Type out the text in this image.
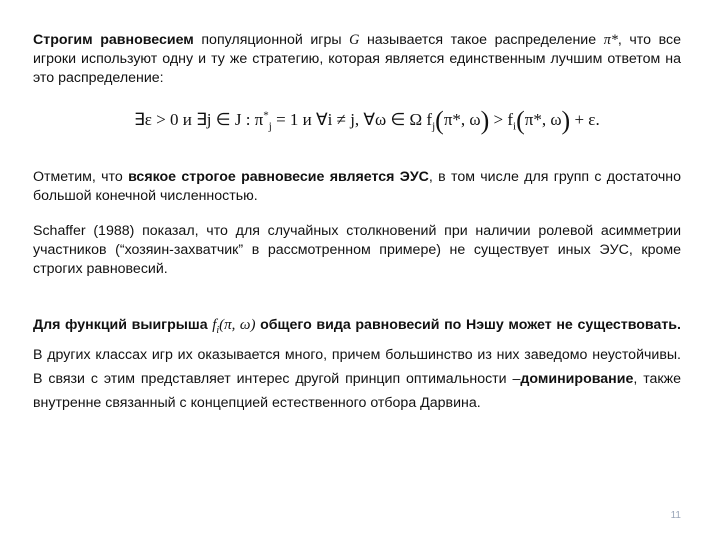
Строгим равновесием популяционной игры G называется такое распределение π*, что все игроки используют одну и ту же стратегию, которая является единственным лучшим ответом на это распределение:
∃ε > 0 и ∃j ∈ J : $\pi^*_j = 1$ и ∀i ≠ j, ∀ω ∈ Ω $f_j(\pi*$, $\omega) > f_i(\pi*$, ω) + ε.
Отметим, что всякое строгое равновесие является ЭУС, в том числе для групп с достаточно большой конечной численностью.
Schaffer (1988) показал, что для случайных столкновений при наличии ролевой асимметрии участников (“хозяин-захватчик” в рассмотренном примере) не существует иных ЭУС, кроме строгих равновесий.
Для функций выигрыша $f_i(\pi$, ω) общего вида равновесий по Нэшу может не существовать. В других классах игр их оказывается много, причем большинство из них заведомо неустойчивы. В связи с этим представляет интерес другой принцип оптимальности –доминирование, также внутренне связанный с концепцией естественного отбора Дарвина.
11
